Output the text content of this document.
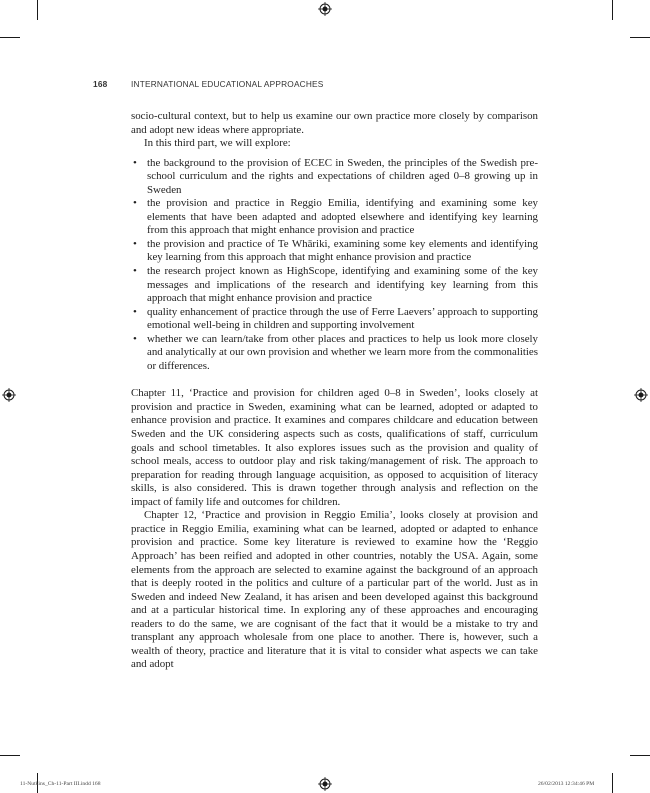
168	INTERNATIONAL EDUCATIONAL APPROACHES

socio-cultural context, but to help us examine our own practice more closely by comparison and adopt new ideas where appropriate.

In this third part, we will explore:

• the background to the provision of ECEC in Sweden, the principles of the Swedish pre-school curriculum and the rights and expectations of children aged 0–8 growing up in Sweden
• the provision and practice in Reggio Emilia, identifying and examining some key elements that have been adapted and adopted elsewhere and identifying key learning from this approach that might enhance provision and practice
• the provision and practice of Te Whāriki, examining some key elements and identifying key learning from this approach that might enhance provision and practice
• the research project known as HighScope, identifying and examining some of the key messages and implications of the research and identifying key learning from this approach that might enhance provision and practice
• quality enhancement of practice through the use of Ferre Laevers’ approach to supporting emotional well-being in children and supporting involvement
• whether we can learn/take from other places and practices to help us look more closely and analytically at our own provision and whether we learn more from the commonalities or differences.

Chapter 11, ‘Practice and provision for children aged 0–8 in Sweden’, looks closely at provision and practice in Sweden, examining what can be learned, adopted or adapted to enhance provision and practice. It examines and compares childcare and education between Sweden and the UK considering aspects such as costs, qualifications of staff, curriculum goals and school timetables. It also explores issues such as the provision and quality of school meals, access to outdoor play and risk taking/management of risk. The approach to preparation for reading through language acquisition, as opposed to acquisition of literacy skills, is also considered. This is drawn together through analysis and reflection on the impact of family life and outcomes for children.

Chapter 12, ‘Practice and provision in Reggio Emilia’, looks closely at provision and practice in Reggio Emilia, examining what can be learned, adopted or adapted to enhance provision and practice. Some key literature is reviewed to examine how the ‘Reggio Approach’ has been reified and adopted in other countries, notably the USA. Again, some elements from the approach are selected to examine against the background of an approach that is deeply rooted in the politics and culture of a particular part of the world. Just as in Sweden and indeed New Zealand, it has arisen and been developed against this background and at a particular historical time. In exploring any of these approaches and encouraging readers to do the same, we are cognisant of the fact that it would be a mistake to try and transplant any approach wholesale from one place to another. There is, however, such a wealth of theory, practice and literature that it is vital to consider what aspects we can take and adopt

11-Nutkins_Ch-11-Part III.indd 168	26/02/2013 12:34:46 PM
